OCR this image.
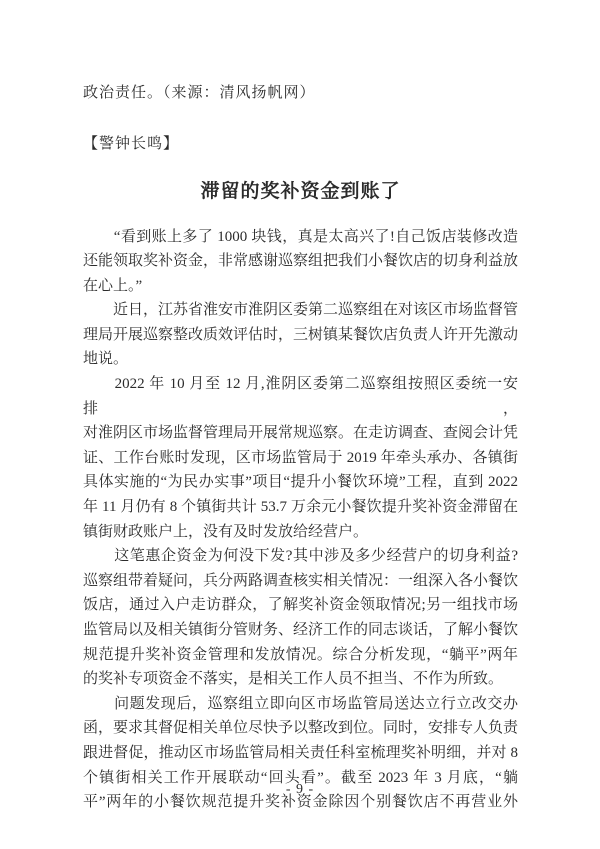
政治责任。（来源：清风扬帆网）
【警钟长鸣】
滞留的奖补资金到账了

　　“看到账上多了 1000 块钱，真是太高兴了!自己饭店装修改造
还能领取奖补资金，非常感谢巡察组把我们小餐饮店的切身利益放
在心上。”

　　近日，江苏省淮安市淮阴区委第二巡察组在对该区市场监督管
理局开展巡察整改质效评估时，三树镇某餐饮店负责人许开先激动
地说。

　　2022 年 10 月至 12 月,淮阴区委第二巡察组按照区委统一安排，
对淮阴区市场监督管理局开展常规巡察。在走访调查、查阅会计凭
证、工作台账时发现，区市场监管局于 2019 年牵头承办、各镇街
具体实施的“为民办实事”项目“提升小餐饮环境”工程，直到 2022
年 11 月仍有 8 个镇街共计 53.7 万余元小餐饮提升奖补资金滞留在
镇街财政账户上，没有及时发放给经营户。

　　这笔惠企资金为何没下发?其中涉及多少经营户的切身利益?
巡察组带着疑问，兵分两路调查核实相关情况：一组深入各小餐饮
饭店，通过入户走访群众，了解奖补资金领取情况;另一组找市场
监管局以及相关镇街分管财务、经济工作的同志谈话，了解小餐饮
规范提升奖补资金管理和发放情况。综合分析发现，“躺平”两年
的奖补专项资金不落实，是相关工作人员不担当、不作为所致。

　　问题发现后，巡察组立即向区市场监管局送达立行立改交办
函，要求其督促相关单位尽快予以整改到位。同时，安排专人负责
跟进督促，推动区市场监管局相关责任科室梳理奖补明细，并对 8
个镇街相关工作开展联动“回头看”。截至 2023 年 3 月底，“躺
平”两年的小餐饮规范提升奖补资金除因个别餐饮店不再营业外

- 9 -
